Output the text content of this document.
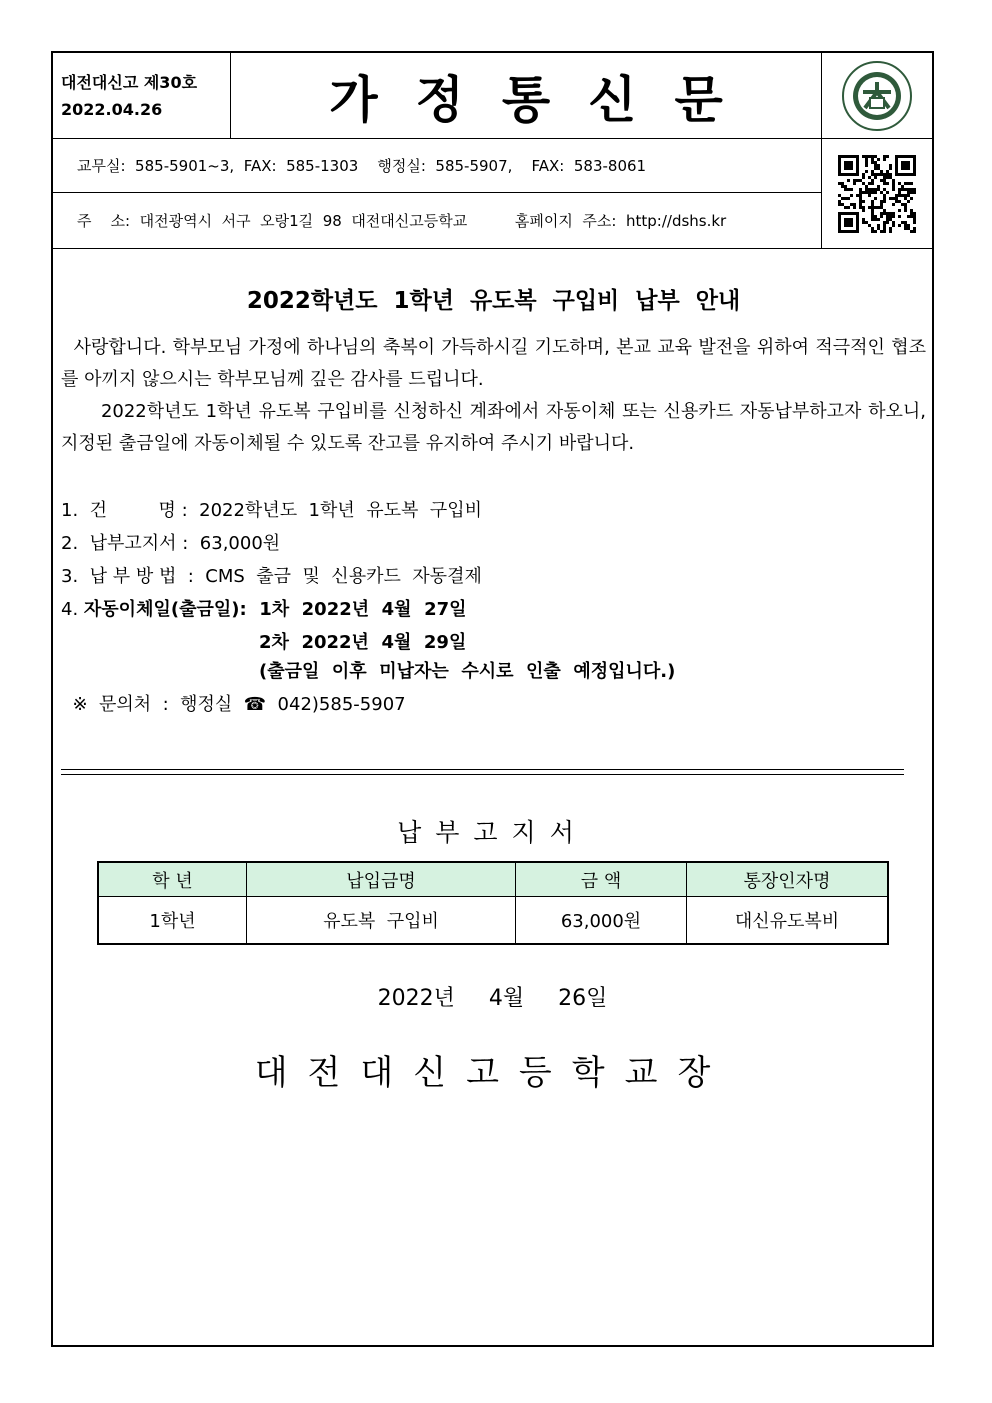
대전대신고 제30호
2022.04.26	가정통신문
교무실:  585-5901~3,  FAX:  585-1303    행정실:  585-5907,    FAX:  583-8061
주    소:  대전광역시  서구  오랑1길  98  대전대신고등학교          홈페이지  주소:  http://dshs.kr
2022학년도  1학년  유도복  구입비  납부  안내
사랑합니다. 학부모님 가정에 하나님의 축복이 가득하시길 기도하며, 본교 교육 발전을 위하여 적극적인 협조를 아끼지 않으시는 학부모님께 깊은 감사를 드립니다.
2022학년도 1학년 유도복 구입비를 신청하신 계좌에서 자동이체 또는 신용카드 자동납부하고자 하오니, 지정된 출금일에 자동이체될 수 있도록 잔고를 유지하여 주시기 바랍니다.
1.  건         명 :  2022학년도  1학년  유도복  구입비
2.  납부고지서 :  63,000원
3.  납 부 방 법  :  CMS  출금  및  신용카드  자동결제
4. 자동이체일(출금일):  1차  2022년  4월  27일
2차  2022년  4월  29일
(출금일  이후  미납자는  수시로  인출  예정입니다.)
※  문의처  :  행정실  ☎  042)585-5907
납부고지서
학 년	납입금명	금 액	통장인자명
1학년	유도복  구입비	63,000원	대신유도복비
2022년  4월  26일
대전대신고등학교장
